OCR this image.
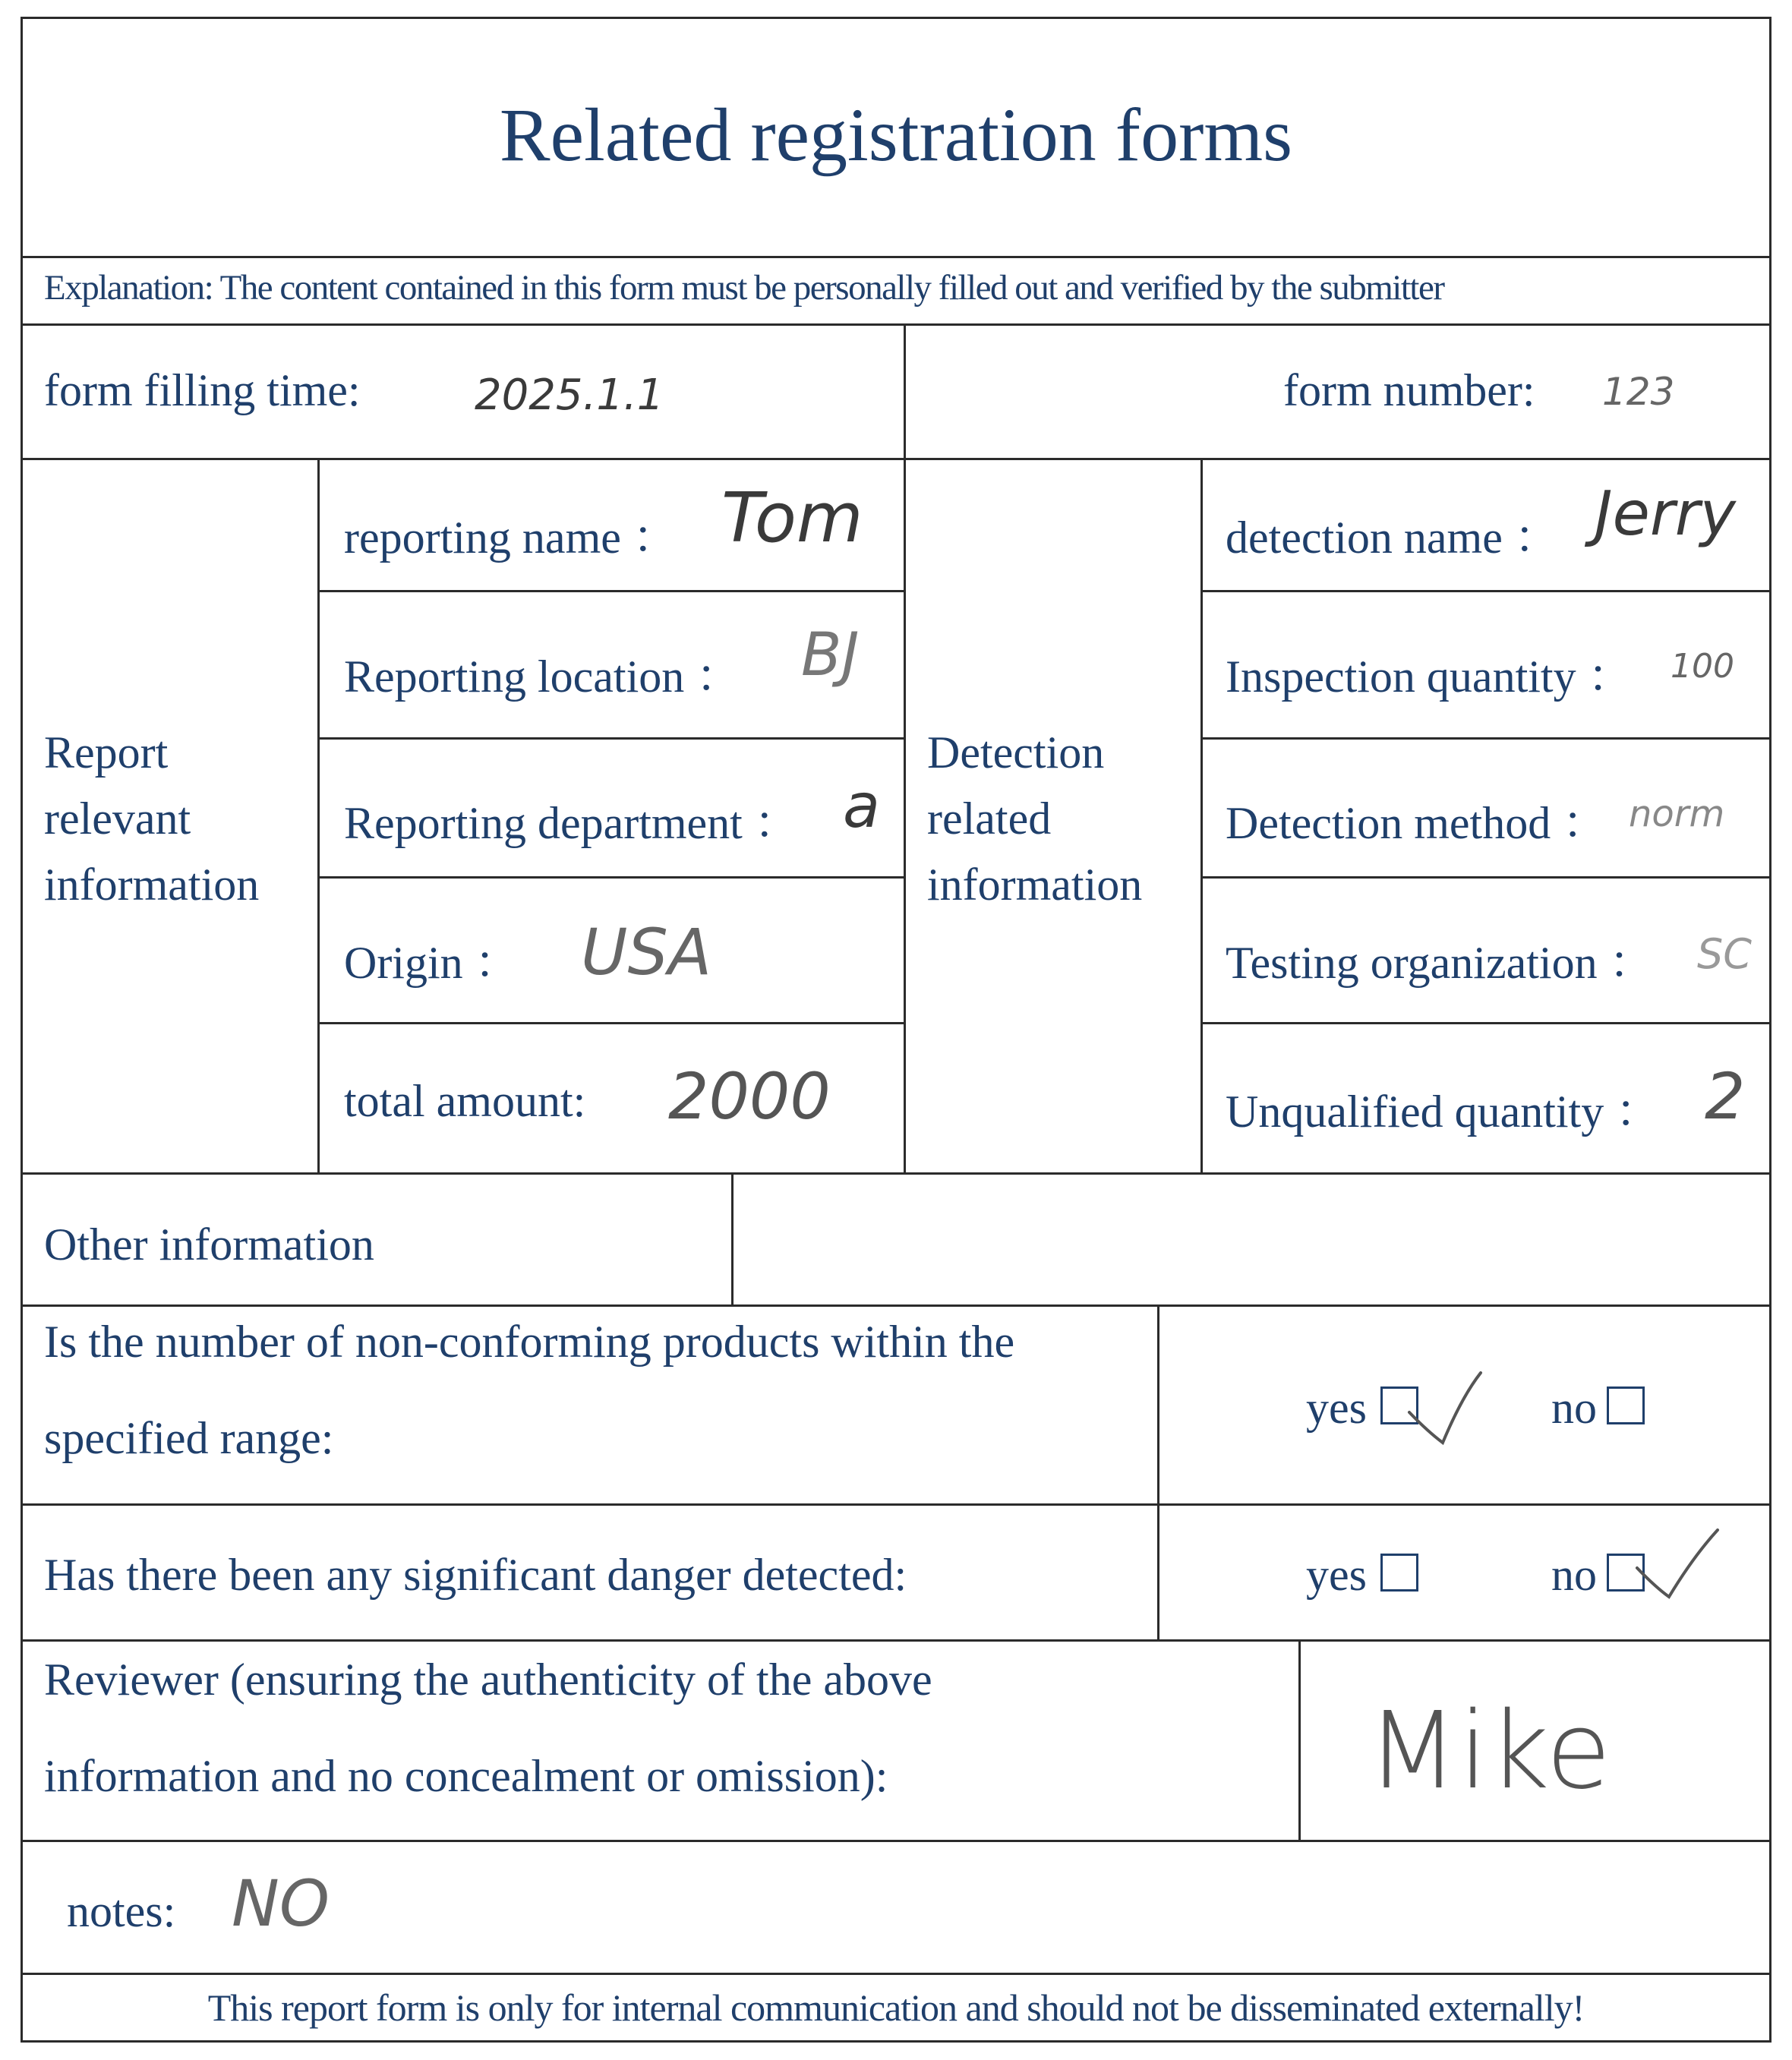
Related registration forms
Explanation: The content contained in this form must be personally filled out and verified by the submitter
form filling time:	2025.1.1	form number: 123
Report
relevant
information
reporting name ： Tom
Reporting location ： BJ
Reporting department ： a
Origin ： USA
total amount: 2000
Detection
related
information
detection name ： Jerry
Inspection quantity ： 100
Detection method ： norm
Testing organization ： SC
Unqualified quantity ： 2
Other information
Is the number of non-conforming products within the
specified range:
yes	no
Has there been any significant danger detected:	yes	no
Reviewer (ensuring the authenticity of the above
information and no concealment or omission):	Mike
notes: NO
This report form is only for internal communication and should not be disseminated externally!
